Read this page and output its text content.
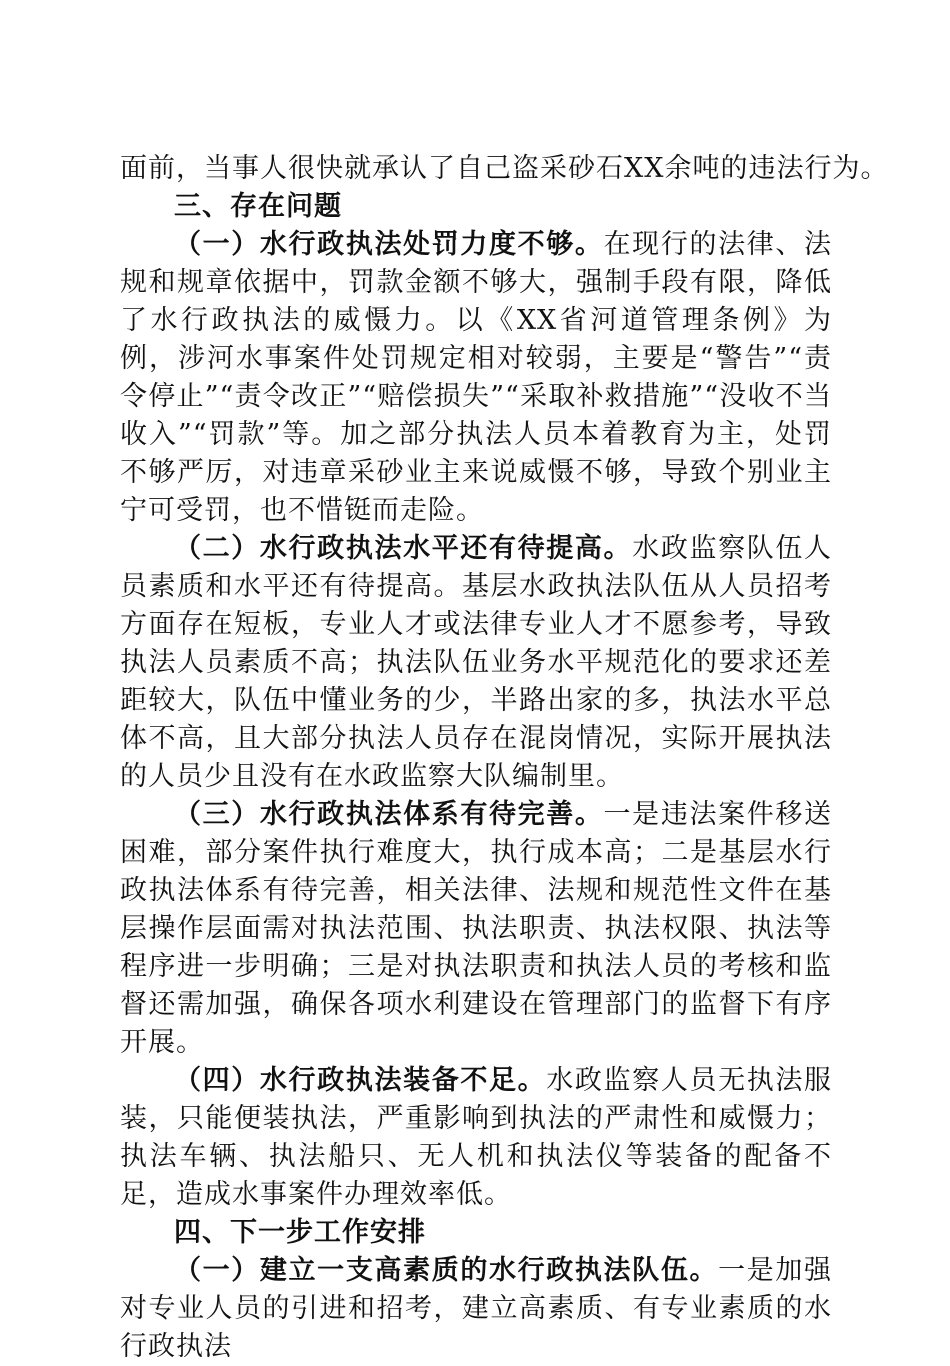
面前，当事人很快就承认了自己盗采砂石XX余吨的违法行为。

三、存在问题

（一）水行政执法处罚力度不够。在现行的法律、法规和规章依据中，罚款金额不够大，强制手段有限，降低了水行政执法的威慑力。以《XX省河道管理条例》为例，涉河水事案件处罚规定相对较弱，主要是“警告”“责令停止”“责令改正”“赔偿损失”“采取补救措施”“没收不当收入”“罚款”等。加之部分执法人员本着教育为主，处罚不够严厉，对违章采砂业主来说威慑不够，导致个别业主宁可受罚，也不惜铤而走险。

（二）水行政执法水平还有待提高。水政监察队伍人员素质和水平还有待提高。基层水政执法队伍从人员招考方面存在短板，专业人才或法律专业人才不愿参考，导致执法人员素质不高；执法队伍业务水平规范化的要求还差距较大，队伍中懂业务的少，半路出家的多，执法水平总体不高，且大部分执法人员存在混岗情况，实际开展执法的人员少且没有在水政监察大队编制里。

（三）水行政执法体系有待完善。一是违法案件移送困难，部分案件执行难度大，执行成本高；二是基层水行政执法体系有待完善，相关法律、法规和规范性文件在基层操作层面需对执法范围、执法职责、执法权限、执法等程序进一步明确；三是对执法职责和执法人员的考核和监督还需加强，确保各项水利建设在管理部门的监督下有序开展。

（四）水行政执法装备不足。水政监察人员无执法服装，只能便装执法，严重影响到执法的严肃性和威慑力；执法车辆、执法船只、无人机和执法仪等装备的配备不足，造成水事案件办理效率低。

四、下一步工作安排

（一）建立一支高素质的水行政执法队伍。一是加强对专业人员的引进和招考，建立高素质、有专业素质的水行政执法
